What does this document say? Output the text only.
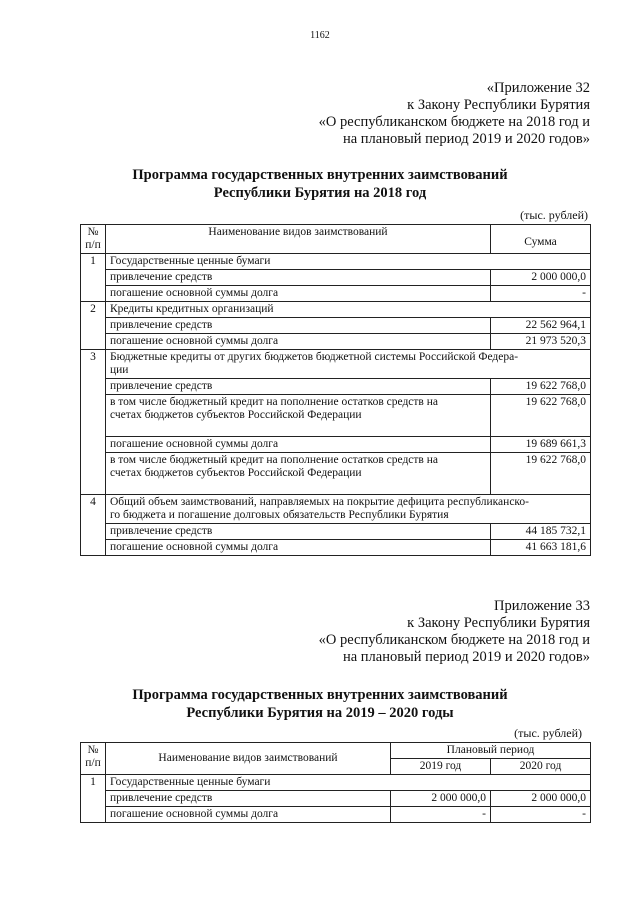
1162
«Приложение 32
к Закону Республики Бурятия
«О республиканском бюджете на 2018 год и
на плановый период 2019 и 2020 годов»
Программа государственных внутренних заимствований
Республики Бурятия на 2018 год
(тыс. рублей)
№
п/п	Наименование видов заимствований	Сумма
1	Государственные ценные бумаги	
	привлечение средств	2 000 000,0
	погашение основной суммы долга	-
2	Кредиты кредитных организаций	
	привлечение средств	22 562 964,1
	погашение основной суммы долга	21 973 520,3
3	Бюджетные кредиты от других бюджетов бюджетной системы Российской Федера-
ции	
	привлечение средств	19 622 768,0
	в том числе бюджетный кредит на пополнение остатков средств на
счетах бюджетов субъектов Российской Федерации	19 622 768,0
	погашение основной суммы долга	19 689 661,3
	в том числе бюджетный кредит на пополнение остатков средств на
счетах бюджетов субъектов Российской Федерации	19 622 768,0
4	Общий объем заимствований, направляемых на покрытие дефицита республиканско-
го бюджета и погашение долговых обязательств Республики Бурятия	
	привлечение средств	44 185 732,1
	погашение основной суммы долга	41 663 181,6
Приложение 33
к Закону Республики Бурятия
«О республиканском бюджете на 2018 год и
на плановый период 2019 и 2020 годов»
Программа государственных внутренних заимствований
Республики Бурятия на 2019 – 2020 годы
(тыс. рублей)
№
п/п	Наименование видов заимствований	Плановый период	
		2019 год	2020 год
1	Государственные ценные бумаги		
	привлечение средств	2 000 000,0	2 000 000,0
	погашение основной суммы долга	-	-
